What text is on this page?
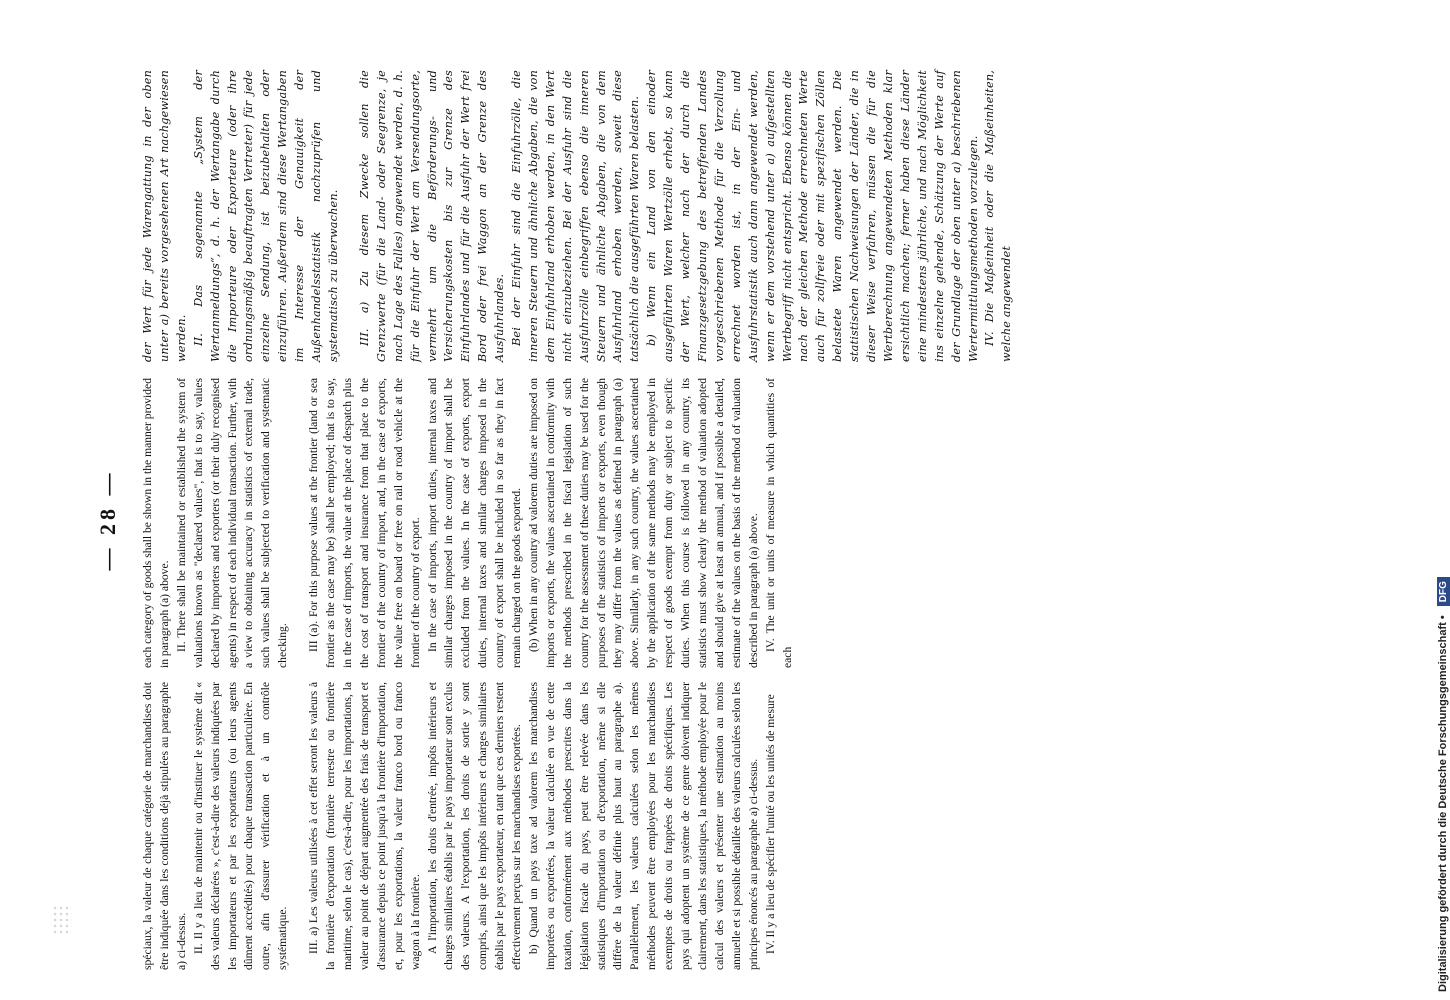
— 28 —

spéciaux, la valeur de chaque catégorie de marchandises doit être indiquée dans les conditions déjà stipulées au paragraphe a) ci-dessus. II. Il y a lieu de maintenir ou d'instituer le système dit « des valeurs déclarées », c'est-à-dire des valeurs indiquées par les importateurs et par les exportateurs (ou leurs agents dûment accrédités) pour chaque transaction particulière. En outre, afin d'assurer vérification et à un contrôle systématique. III. a) Les valeurs utilisées à cet effet seront les valeurs à la frontière d'exportation (frontière terrestre ou frontière maritime, selon le cas), c'est-à-dire, pour les importations, la valeur au point de départ augmentée des frais de transport et d'assurance depuis ce point jusqu'à la frontière d'importation, et, pour les exportations, la valeur franco bord ou franco wagon à la frontière. A l'importation, les droits d'entrée, impôts intérieurs et charges similaires établis par le pays importateur sont exclus des valeurs. A l'exportation, les droits de sortie y sont compris, ainsi que les impôts intérieurs et charges similaires établis par le pays exportateur, en tant que ces derniers restent effectivement perçus sur les marchandises exportées. b) Quand un pays taxe ad valorem les marchandises importées ou exportées, la valeur calculée en vue de cette taxation, conformément aux méthodes prescrites dans la législation fiscale du pays, peut être relevée dans les statistiques d'importation ou d'exportation, même si elle diffère de la valeur définie plus haut au paragraphe a). Parallèlement, les valeurs calculées selon les mêmes méthodes peuvent être employées pour les marchandises exemptes de droits ou frappées de droits spécifiques. Les pays qui adoptent un système de ce genre doivent indiquer clairement, dans les statistiques, la méthode employée pour le calcul des valeurs et présenter une estimation au moins annuelle et si possible détaillée des valeurs calculées selon les principes énoncés au paragraphe a) ci-dessus. IV. Il y a lieu de spécifier l'unité ou les unités de mesure

each category of goods shall be shown in the manner provided in paragraph (a) above. II. There shall be maintained or established the system of valuations known as "declared values", that is to say, values declared by importers and exporters (or their duly recognised agents) in respect of each individual transaction. Further, with a view to obtaining accuracy in statistics of external trade, such values shall be subjected to verification and systematic checking. III (a). For this purpose values at the frontier (land or sea frontier as the case may be) shall be employed; that is to say, in the case of imports, the value at the place of despatch plus the cost of transport and insurance from that place to the frontier of the country of import, and, in the case of exports, the value free on board or free on rail or road vehicle at the frontier of the country of export. In the case of imports, import duties, internal taxes and similar charges imposed in the country of import shall be excluded from the values. In the case of exports, export duties, internal taxes and similar charges imposed in the country of export shall be included in so far as they in fact remain charged on the goods exported. (b) When in any country ad valorem duties are imposed on imports or exports, the values ascertained in conformity with the methods prescribed in the fiscal legislation of such country for the assessment of these duties may be used for the purposes of the statistics of imports or exports, even though they may differ from the values as defined in paragraph (a) above. Similarly, in any such country, the values ascertained by the application of the same methods may be employed in respect of goods exempt from duty or subject to specific duties. When this course is followed in any country, its statistics must show clearly the method of valuation adopted and should give at least an annual, and if possible a detailed, estimate of the values on the basis of the method of valuation described in paragraph (a) above. IV. The unit or units of measure in which quantities of each

der Wert für jede Warengattung in der oben unter a) bereits vorgesehenen Art nachgewiesen werden. II. Das sogenannte „System der Wertanmeldungs“, d. h. der Wertangabe durch die Importeure oder Exporteure (oder ihre ordnungsmäßig beauftragten Vertreter) für jede einzelne Sendung, ist beizubehalten oder einzuführen. Außerdem sind diese Wertangaben im Interesse der Genauigkeit der Außenhandelsstatistik nachzuprüfen und systematisch zu überwachen. III. a) Zu diesem Zwecke sollen die Grenzwerte (für die Land- oder Seegrenze, je nach Lage des Falles) angewendet werden, d. h. für die Einfuhr der Wert am Versendungsorte, vermehrt um die Beförderungs- und Versicherungskosten bis zur Grenze des Einfuhrlandes und für die Ausfuhr der Wert frei Bord oder frei Waggon an der Grenze des Ausfuhrlandes. Bei der Einfuhr sind die Einfuhrzölle, die inneren Steuern und ähnliche Abgaben, die von dem Einfuhrland erhoben werden, in den Wert nicht einzubeziehen. Bei der Ausfuhr sind die Ausfuhrzölle einbegriffen ebenso die inneren Steuern und ähnliche Abgaben, die von dem Ausfuhrland erhoben werden, soweit diese tatsächlich die ausgeführten Waren belasten. b) Wenn ein Land von den einoder ausgeführten Waren Wertzölle erhebt, so kann der Wert, welcher nach der durch die Finanzgesetzgebung des betreffenden Landes vorgeschriebenen Methode für die Verzollung errechnet worden ist, in der Ein- und Ausfuhrstatistik auch dann angewendet werden, wenn er dem vorstehend unter a) aufgestellten Wertbegriff nicht entspricht. Ebenso können die nach der gleichen Methode errechneten Werte auch für zollfreie oder mit spezifischen Zöllen belastete Waren angewendet werden. Die statistischen Nachweisungen der Länder, die in dieser Weise verfahren, müssen die für die Wertberechnung angewendeten Methoden klar ersichtlich machen; ferner haben diese Länder eine mindestens jährliche, und nach Möglichkeit ins einzelne gehende, Schätzung der Werte auf der Grundlage der oben unter a) beschriebenen Wertermittlungsmethoden vorzulegen. IV. Die Maßeinheit oder die Maßeinheiten, welche angewendet

Digitalisierung gefördert durch die Deutsche Forschungsgemeinschaft • DFG
